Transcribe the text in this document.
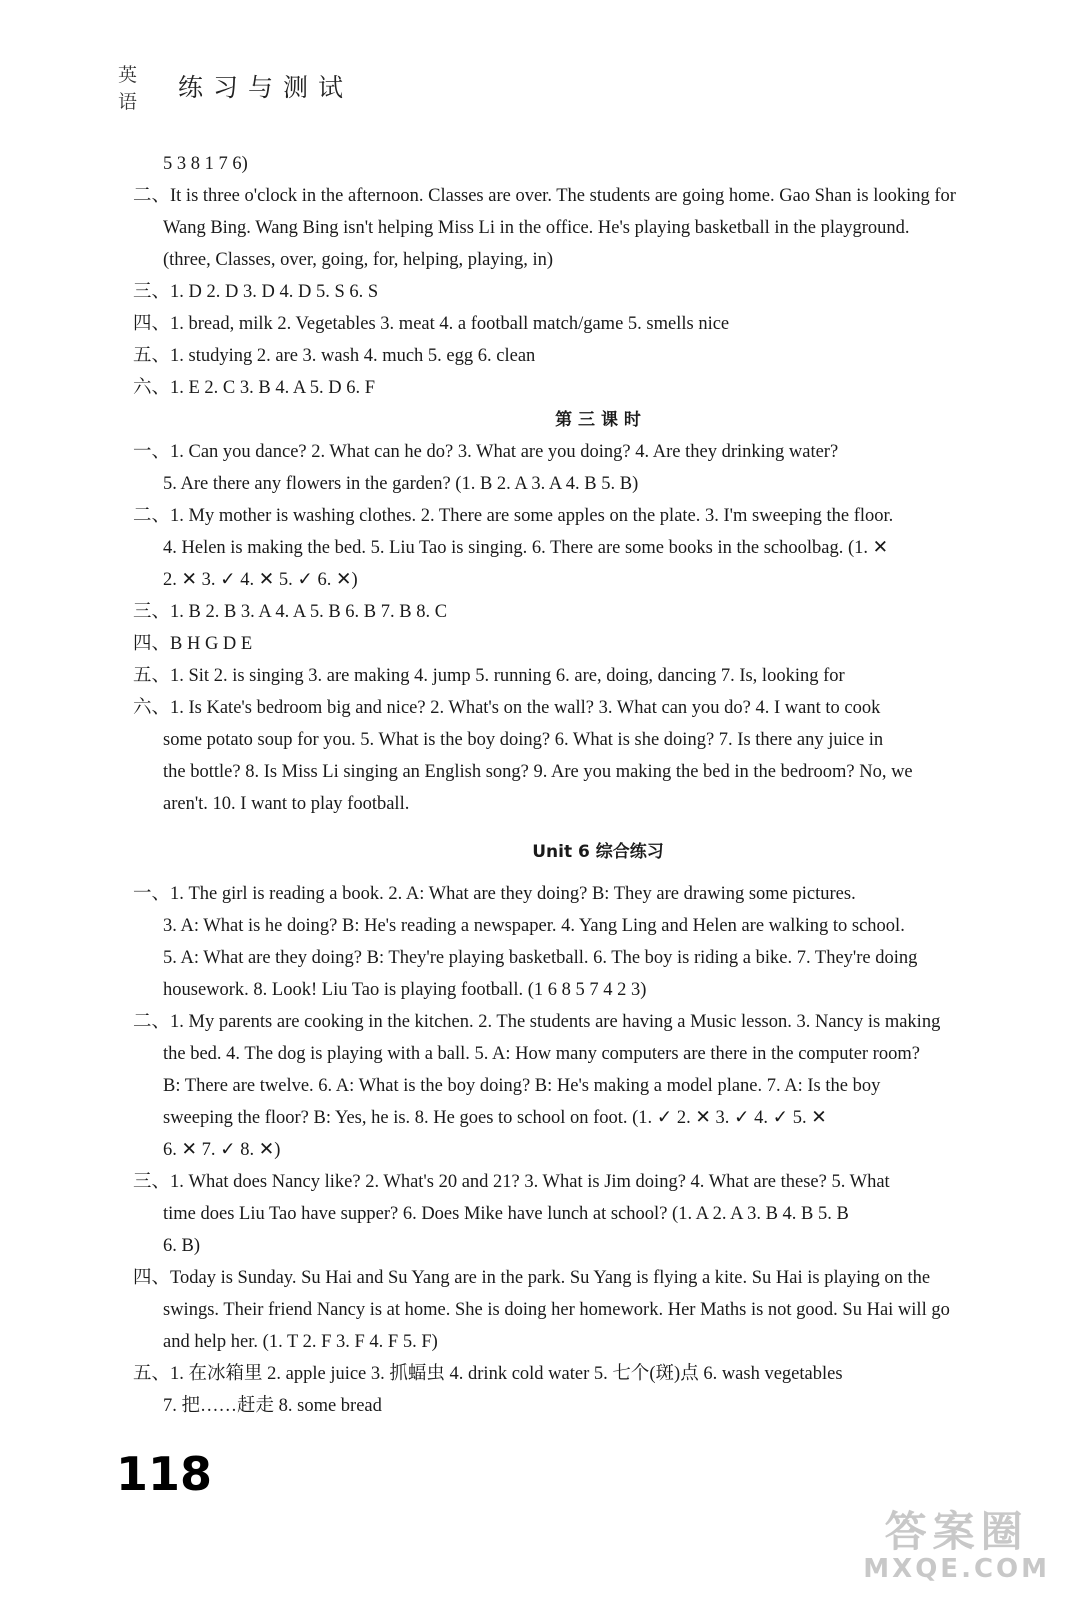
英语 练习与测试
5 3 8 1 7 6)
二、It is three o'clock in the afternoon. Classes are over. The students are going home. Gao Shan is looking for
Wang Bing. Wang Bing isn't helping Miss Li in the office. He's playing basketball in the playground.
(three, Classes, over, going, for, helping, playing, in)
三、1. D 2. D 3. D 4. D 5. S 6. S
四、1. bread, milk 2. Vegetables 3. meat 4. a football match/game 5. smells nice
五、1. studying 2. are 3. wash 4. much 5. egg 6. clean
六、1. E 2. C 3. B 4. A 5. D 6. F
第 三 课 时
一、1. Can you dance? 2. What can he do? 3. What are you doing? 4. Are they drinking water?
5. Are there any flowers in the garden? (1. B 2. A 3. A 4. B 5. B)
二、1. My mother is washing clothes. 2. There are some apples on the plate. 3. I'm sweeping the floor.
4. Helen is making the bed. 5. Liu Tao is singing. 6. There are some books in the schoolbag. (1. ✕
2. ✕ 3. ✓ 4. ✕ 5. ✓ 6. ✕)
三、1. B 2. B 3. A 4. A 5. B 6. B 7. B 8. C
四、B H G D E
五、1. Sit 2. is singing 3. are making 4. jump 5. running 6. are, doing, dancing 7. Is, looking for
六、1. Is Kate's bedroom big and nice? 2. What's on the wall? 3. What can you do? 4. I want to cook
some potato soup for you. 5. What is the boy doing? 6. What is she doing? 7. Is there any juice in
the bottle? 8. Is Miss Li singing an English song? 9. Are you making the bed in the bedroom? No, we
aren't. 10. I want to play football.
Unit 6 综合练习
一、1. The girl is reading a book. 2. A: What are they doing? B: They are drawing some pictures.
3. A: What is he doing? B: He's reading a newspaper. 4. Yang Ling and Helen are walking to school.
5. A: What are they doing? B: They're playing basketball. 6. The boy is riding a bike. 7. They're doing
housework. 8. Look! Liu Tao is playing football. (1 6 8 5 7 4 2 3)
二、1. My parents are cooking in the kitchen. 2. The students are having a Music lesson. 3. Nancy is making
the bed. 4. The dog is playing with a ball. 5. A: How many computers are there in the computer room?
B: There are twelve. 6. A: What is the boy doing? B: He's making a model plane. 7. A: Is the boy
sweeping the floor? B: Yes, he is. 8. He goes to school on foot. (1. ✓ 2. ✕ 3. ✓ 4. ✓ 5. ✕
6. ✕ 7. ✓ 8. ✕)
三、1. What does Nancy like? 2. What's 20 and 21? 3. What is Jim doing? 4. What are these? 5. What
time does Liu Tao have supper? 6. Does Mike have lunch at school? (1. A 2. A 3. B 4. B 5. B
6. B)
四、Today is Sunday. Su Hai and Su Yang are in the park. Su Yang is flying a kite. Su Hai is playing on the
swings. Their friend Nancy is at home. She is doing her homework. Her Maths is not good. Su Hai will go
and help her. (1. T 2. F 3. F 4. F 5. F)
五、1. 在冰箱里 2. apple juice 3. 抓蝠虫 4. drink cold water 5. 七个(斑)点 6. wash vegetables
7. 把……赶走 8. some bread
118
答案圈
MXQE.COM
